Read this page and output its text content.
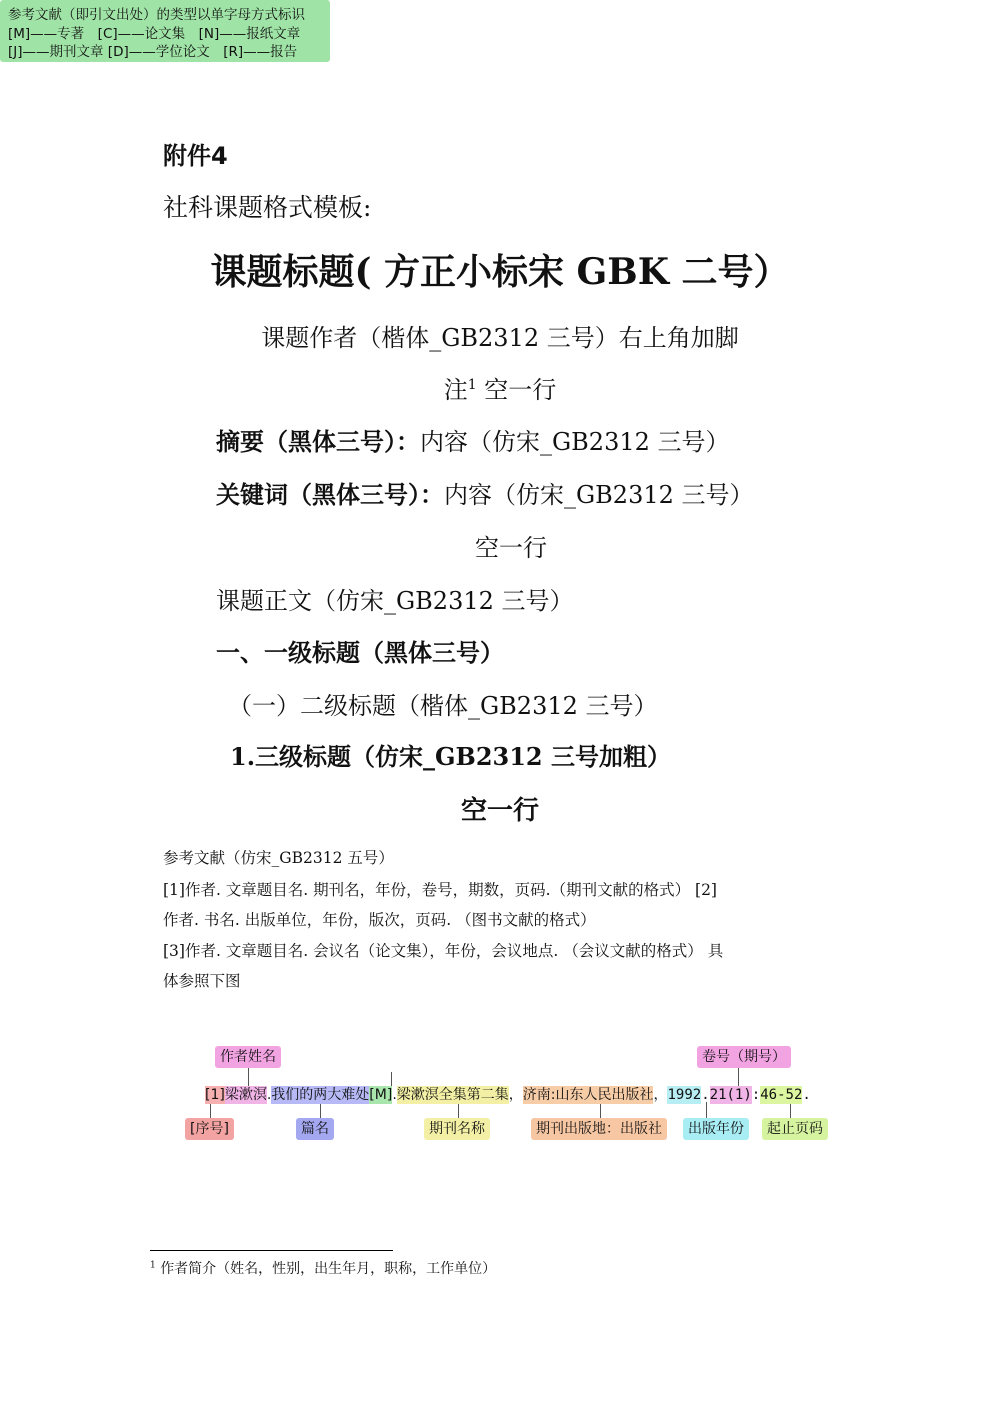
附件4
社科课题格式模板:
课题标题( 方正小标宋 GBK 二号）
课题作者（楷体_GB2312 三号）右上角加脚
注$^1$ 空一行
摘要（黑体三号）：内容（仿宋_GB2312 三号）
关键词（黑体三号）：内容（仿宋_GB2312 三号）
空一行
课题正文（仿宋_GB2312 三号）
一、一级标题（黑体三号）
（一）二级标题（楷体_GB2312 三号）
1.三级标题（仿宋_GB2312 三号加粗）
空一行
参考文献（仿宋_GB2312 五号）
[1]作者. 文章题目名. 期刊名，年份，卷号，期数，页码.（期刊文献的格式） [2]
作者. 书名. 出版单位，年份，版次，页码. （图书文献的格式）
[3]作者. 文章题目名. 会议名（论文集），年份，会议地点. （会议文献的格式） 具
体参照下图
参考文献（即引文出处）的类型以单字母方式标识
[M]——专著　[C]——论文集　[N]——报纸文章
[J]——期刊文章 [D]——学位论文　[R]——报告
作者姓名	卷号（期号）
[1]梁漱溟.我们的两大难处[M].梁漱溟全集第二集，济南:山东人民出版社，1992.21(1):46-52.
[序号]	篇名	期刊名称	期刊出版地：出版社	出版年份	起止页码
$^1$ 作者简介（姓名，性别，出生年月，职称，工作单位）
